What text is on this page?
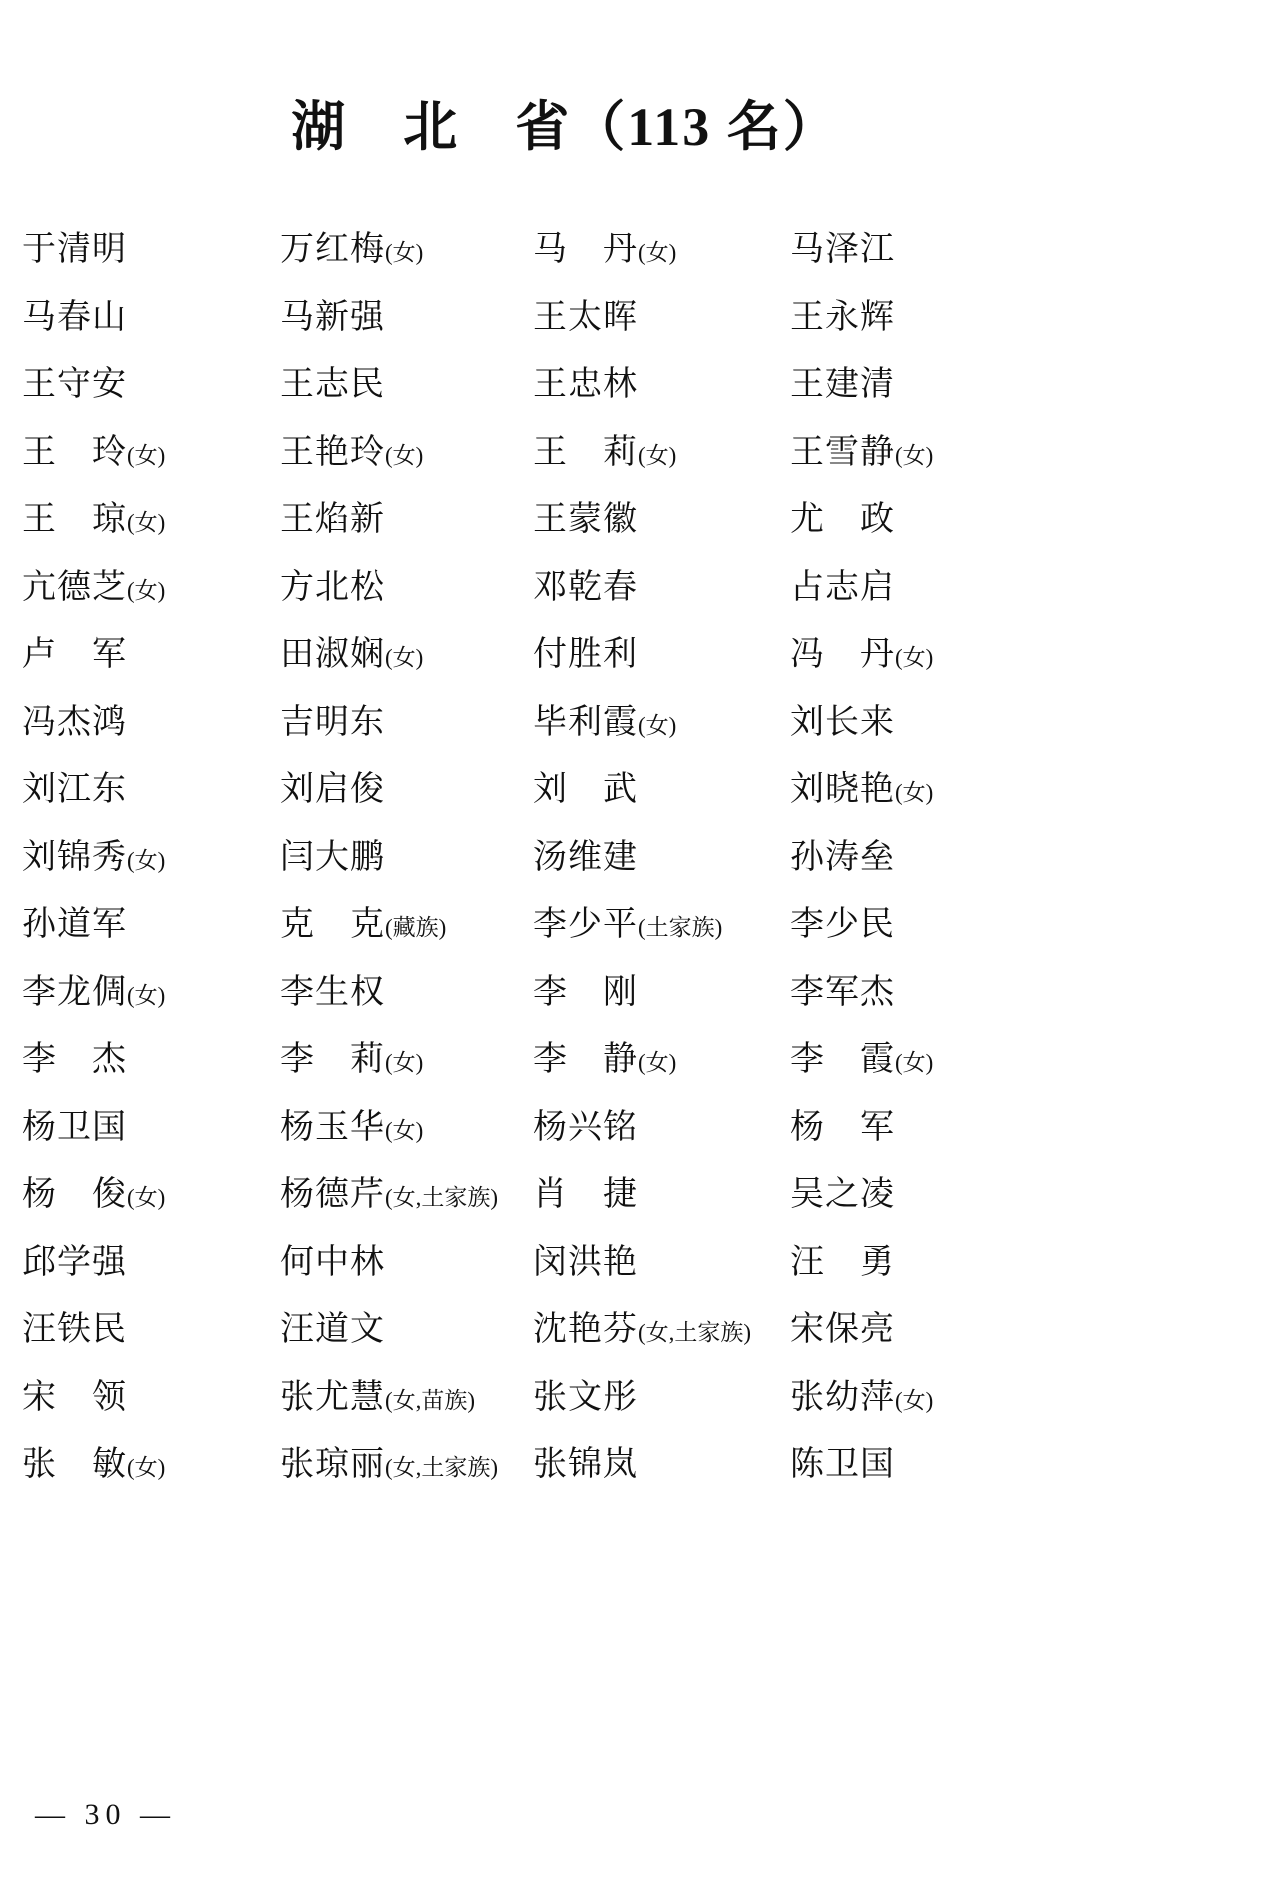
湖　北　省（113 名）
于清明	万红梅(女)	马　丹(女)	马泽江
马春山	马新强	王太晖	王永辉
王守安	王志民	王忠林	王建清
王　玲(女)	王艳玲(女)	王　莉(女)	王雪静(女)
王　琼(女)	王焰新	王蒙徽	尤　政
亢德芝(女)	方北松	邓乾春	占志启
卢　军	田淑娴(女)	付胜利	冯　丹(女)
冯杰鸿	吉明东	毕利霞(女)	刘长来
刘江东	刘启俊	刘　武	刘晓艳(女)
刘锦秀(女)	闫大鹏	汤维建	孙涛垒
孙道军	克　克(藏族)	李少平(土家族)	李少民
李龙倜(女)	李生权	李　刚	李军杰
李　杰	李　莉(女)	李　静(女)	李　霞(女)
杨卫国	杨玉华(女)	杨兴铭	杨　军
杨　俊(女)	杨德芹(女,土家族)	肖　捷	吴之凌
邱学强	何中林	闵洪艳	汪　勇
汪铁民	汪道文	沈艳芬(女,土家族)	宋保亮
宋　领	张尤慧(女,苗族)	张文彤	张幼萍(女)
张　敏(女)	张琼丽(女,土家族)	张锦岚	陈卫国
— 30 —
